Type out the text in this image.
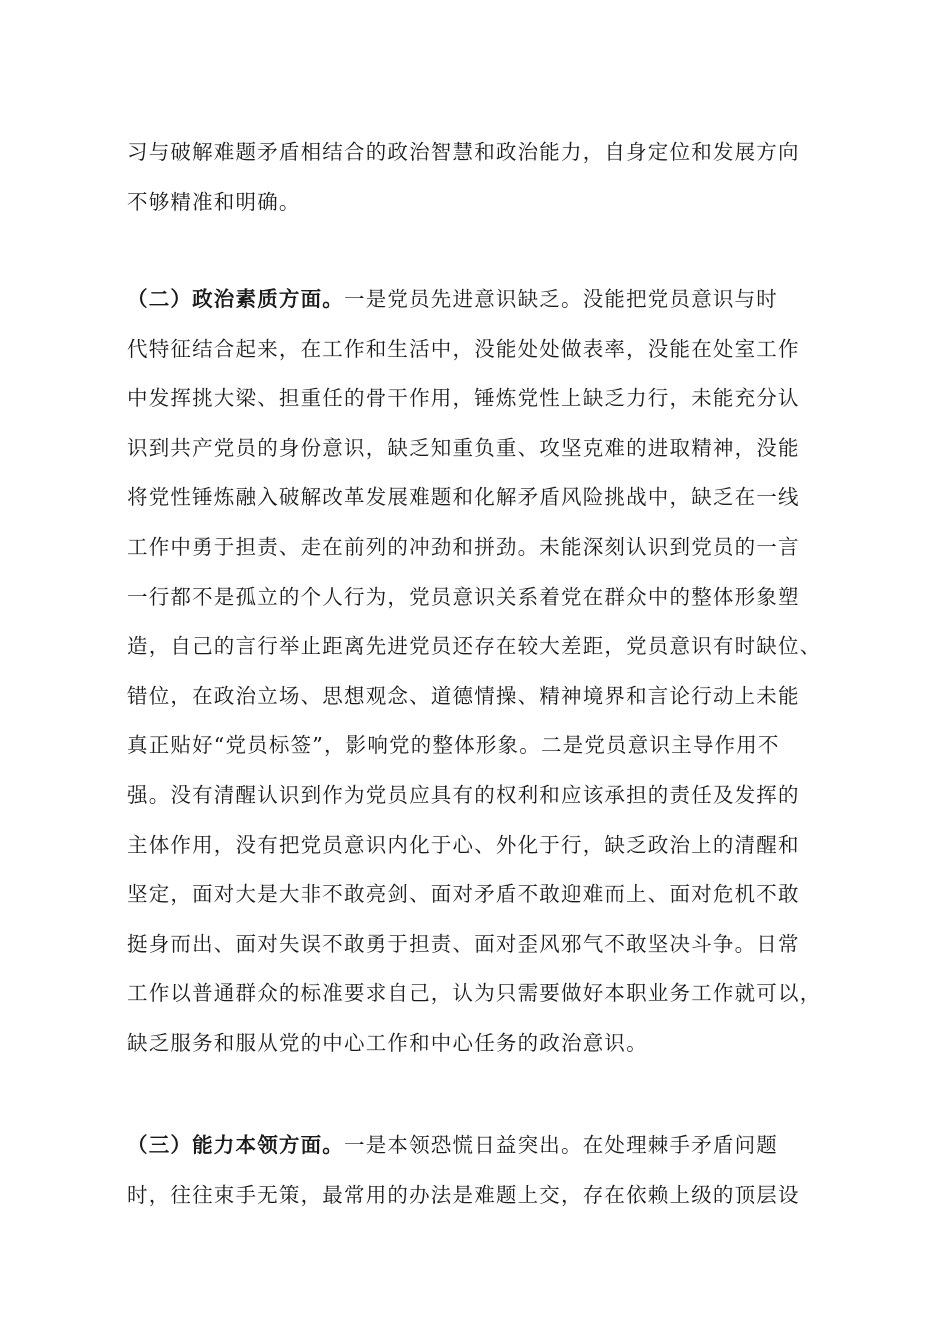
习与破解难题矛盾相结合的政治智慧和政治能力，自身定位和发展方向
不够精准和明确。

（二）政治素质方面。一是党员先进意识缺乏。没能把党员意识与时
代特征结合起来，在工作和生活中，没能处处做表率，没能在处室工作
中发挥挑大梁、担重任的骨干作用，锤炼党性上缺乏力行，未能充分认
识到共产党员的身份意识，缺乏知重负重、攻坚克难的进取精神，没能
将党性锤炼融入破解改革发展难题和化解矛盾风险挑战中，缺乏在一线
工作中勇于担责、走在前列的冲劲和拼劲。未能深刻认识到党员的一言
一行都不是孤立的个人行为，党员意识关系着党在群众中的整体形象塑
造，自己的言行举止距离先进党员还存在较大差距，党员意识有时缺位、
错位，在政治立场、思想观念、道德情操、精神境界和言论行动上未能
真正贴好“党员标签”，影响党的整体形象。二是党员意识主导作用不
强。没有清醒认识到作为党员应具有的权利和应该承担的责任及发挥的
主体作用，没有把党员意识内化于心、外化于行，缺乏政治上的清醒和
坚定，面对大是大非不敢亮剑、面对矛盾不敢迎难而上、面对危机不敢
挺身而出、面对失误不敢勇于担责、面对歪风邪气不敢坚决斗争。日常
工作以普通群众的标准要求自己，认为只需要做好本职业务工作就可以，
缺乏服务和服从党的中心工作和中心任务的政治意识。

（三）能力本领方面。一是本领恐慌日益突出。在处理棘手矛盾问题
时，往往束手无策，最常用的办法是难题上交，存在依赖上级的顶层设
